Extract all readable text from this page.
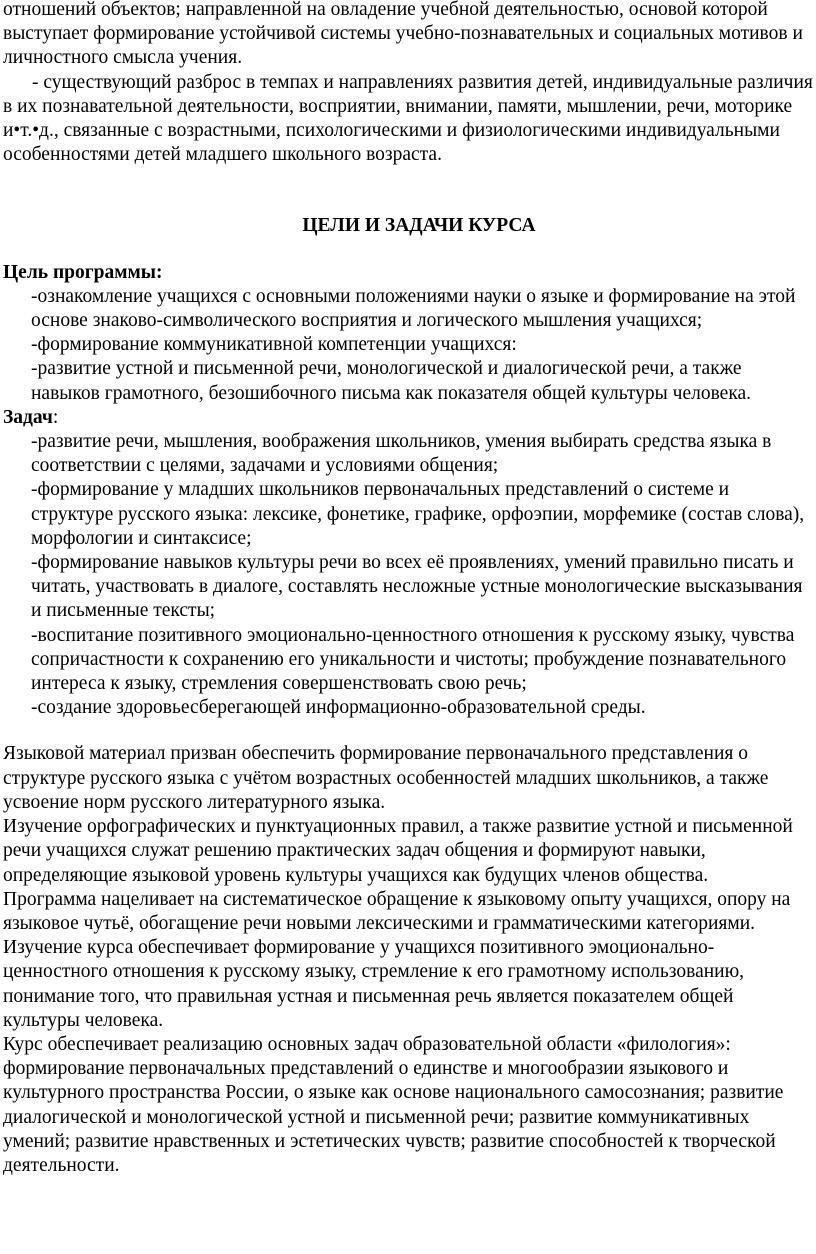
отношений объектов; направленной на овладение учебной деятельностью, основой которой выступает формирование устойчивой системы учебно-познавательных и социальных мотивов и личностного смысла учения.

- существующий разброс в темпах и направлениях развития детей, индивидуальные различия в их познавательной деятельности, восприятии, внимании, памяти, мышлении, речи, моторике и•т.•д., связанные с возрастными, психологическими и физиологическими индивидуальными особенностями детей младшего школьного возраста.

ЦЕЛИ И ЗАДАЧИ КУРСА

Цель программы:

-ознакомление учащихся с основными положениями науки о языке и формирование на этой основе знаково-символического восприятия и логического мышления учащихся;

-формирование коммуникативной компетенции учащихся:

-развитие устной и письменной речи, монологической и диалогической речи, а также навыков грамотного, безошибочного письма как показателя общей культуры человека.

Задач:

-развитие речи, мышления, воображения школьников, умения выбирать средства языка в соответствии с целями, задачами и условиями общения;

-формирование у младших школьников первоначальных представлений о системе и структуре русского языка: лексике, фонетике, графике, орфоэпии, морфемике (состав слова), морфологии и синтаксисе;

-формирование навыков культуры речи во всех её проявлениях, умений правильно писать и читать, участвовать в диалоге, составлять несложные устные монологические высказывания и письменные тексты;

-воспитание позитивного эмоционально-ценностного отношения к русскому языку, чувства сопричастности к сохранению его уникальности и чистоты; пробуждение познавательного интереса к языку, стремления совершенствовать свою речь;

-создание здоровьесберегающей информационно-образовательной среды.

Языковой материал призван обеспечить формирование первоначального представления о структуре русского языка с учётом возрастных особенностей младших школьников, а также усвоение норм русского литературного языка.

Изучение орфографических и пунктуационных правил, а также развитие устной и письменной речи учащихся служат решению практических задач общения и формируют навыки, определяющие языковой уровень культуры учащихся как будущих членов общества.

Программа нацеливает на систематическое обращение к языковому опыту учащихся, опору на языковое чутьё, обогащение речи новыми лексическими и грамматическими категориями.

Изучение курса обеспечивает формирование у учащихся позитивного эмоционально-ценностного отношения к русскому языку, стремление к его грамотному использованию, понимание того, что правильная устная и письменная речь является показателем общей культуры человека.

Курс обеспечивает реализацию основных задач образовательной области «филология»: формирование первоначальных представлений о единстве и многообразии языкового и культурного пространства России, о языке как основе национального самосознания; развитие диалогической и монологической устной и письменной речи; развитие коммуникативных умений; развитие нравственных и эстетических чувств; развитие способностей к творческой деятельности.
